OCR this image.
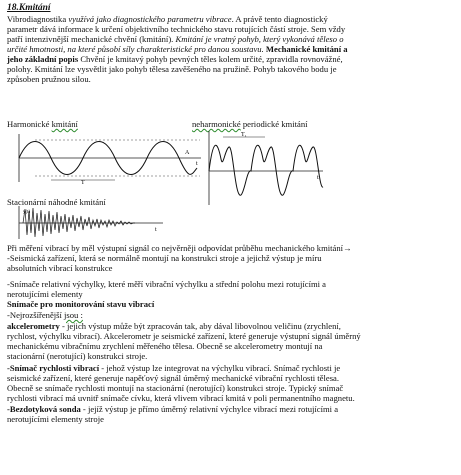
18.Kmitání
Vibrodiagnostika využívá jako diagnostického parametru vibrace. A právě tento diagnostický
parametr dává informace k určení objektivního technického stavu rotujících částí stroje. Sem vždy
patří intenzivnější mechanické chvění (kmitání). Kmitání je vratný pohyb, který vykonává těleso o
určité hmotnosti, na které působí síly charakteristické pro danou soustavu. Mechanické kmitání a
jeho základní popis Chvění je kmitavý pohyb pevných těles kolem určité, zpravidla rovnovážné,
polohy. Kmitání lze vysvětlit jako pohyb tělesa zavěšeného na pružině. Pohyb takového bodu je
způsoben pružnou silou.
Harmonické kmitání	neharmonické periodické kmitání
T
A
t
T₁
t
Stacionární náhodné kmitání
y(t)
t
Při měření vibrací by měl výstupní signál co nejvěrněji odpovídat průběhu mechanického kmitání→
-Seismická zařízení, která se normálně montují na konstrukci stroje a jejichž výstup je míru
absolutních vibrací konstrukce
-Snímače relativní výchylky, které měří vibrační výchylku a střední polohu mezi rotujícími a
nerotujícími elementy
Snímače pro monitorování stavu vibrací
-Nejrozšířenější jsou :
akcelerometry - jejich výstup může být zpracován tak, aby dával libovolnou veličinu (zrychlení,
rychlost, výchylku vibrací). Akcelerometr je seismické zařízení, které generuje výstupní signál úměrný
mechanickému vibračnímu zrychlení měřeného tělesa. Obecně se akcelerometry montují na
stacionární (nerotující) konstrukci stroje.
-Snímač rychlosti vibrací - jehož výstup lze integrovat na výchylku vibrací. Snímač rychlosti je
seismické zařízení, které generuje napěťový signál úměrný mechanické vibrační rychlosti tělesa.
Obecně se snímače rychlosti montují na stacionární (nerotující) konstrukci stroje. Typický snímač
rychlosti vibrací má uvnitř snímače cívku, která vlivem vibrací kmitá v poli permanentního magnetu.
-Bezdotyková sonda - jejíž výstup je přímo úměrný relativní výchylce vibrací mezi rotujícími a
nerotujícími elementy stroje
